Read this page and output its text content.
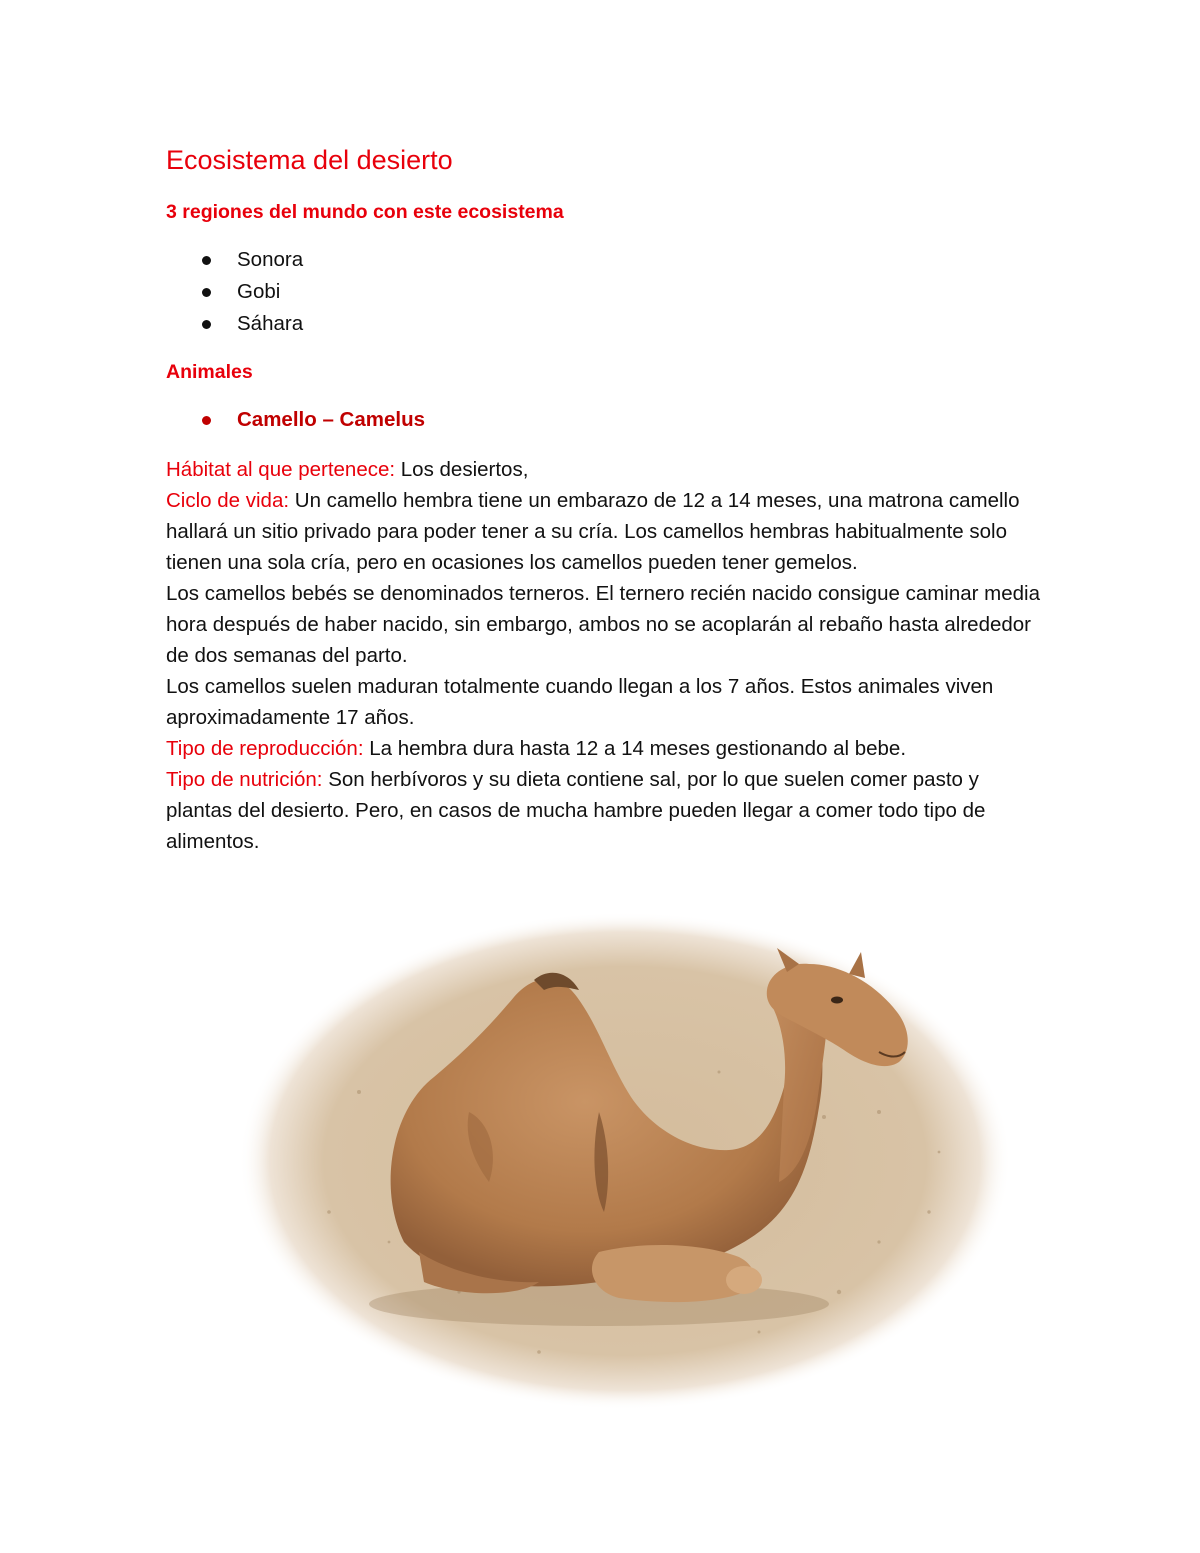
Ecosistema del desierto
3 regiones del mundo con este ecosistema
Sonora
Gobi
Sáhara
Animales
Camello – Camelus

Hábitat al que pertenece: Los desiertos,

Ciclo de vida: Un camello hembra tiene un embarazo de 12 a 14 meses, una matrona camello hallará un sitio privado para poder tener a su cría. Los camellos hembras habitualmente solo tienen una sola cría, pero en ocasiones los camellos pueden tener gemelos.

Los camellos bebés se denominados terneros. El ternero recién nacido consigue caminar media hora después de haber nacido, sin embargo, ambos no se acoplarán al rebaño hasta alrededor de dos semanas del parto.

Los camellos suelen maduran totalmente cuando llegan a los 7 años. Estos animales viven aproximadamente 17 años.

Tipo de reproducción: La hembra dura hasta 12 a 14 meses gestionando al bebe.

Tipo de nutrición: Son herbívoros y su dieta contiene sal, por lo que suelen comer pasto y plantas del desierto. Pero, en casos de mucha hambre pueden llegar a comer todo tipo de alimentos.
